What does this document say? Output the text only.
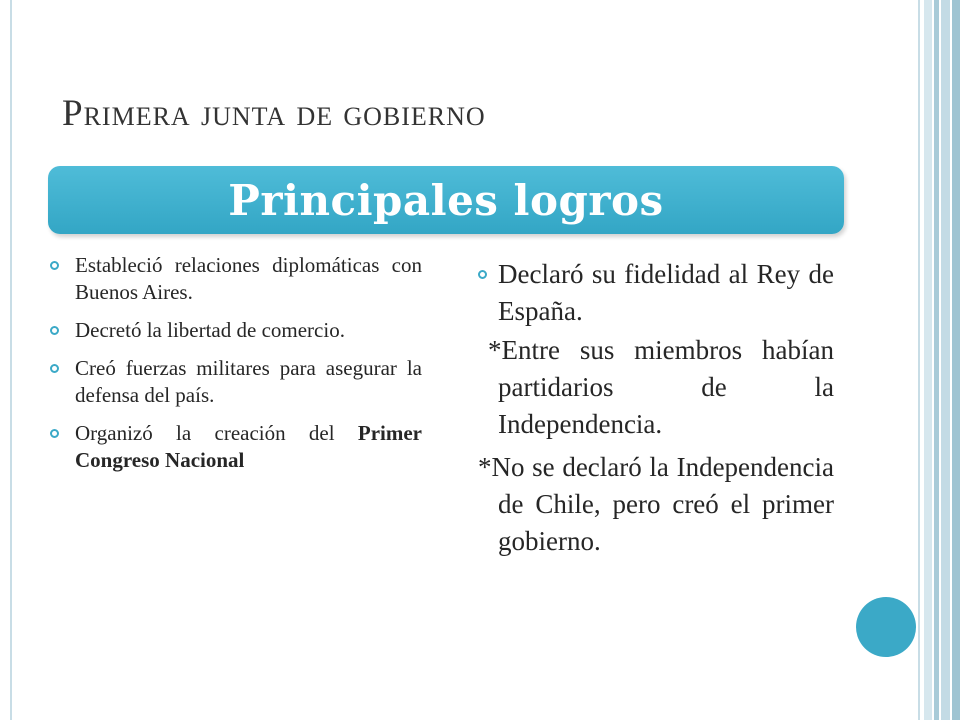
Primera junta de gobierno
Principales logros
Estableció relaciones diplomáticas con Buenos Aires.
Decretó la libertad de comercio.
Creó fuerzas militares para asegurar la defensa del país.
Organizó la creación del Primer Congreso Nacional

Declaró su fidelidad al Rey de España.

*Entre sus miembros habían partidarios de la Independencia.

*No se declaró la Independencia de Chile, pero creó el primer gobierno.
